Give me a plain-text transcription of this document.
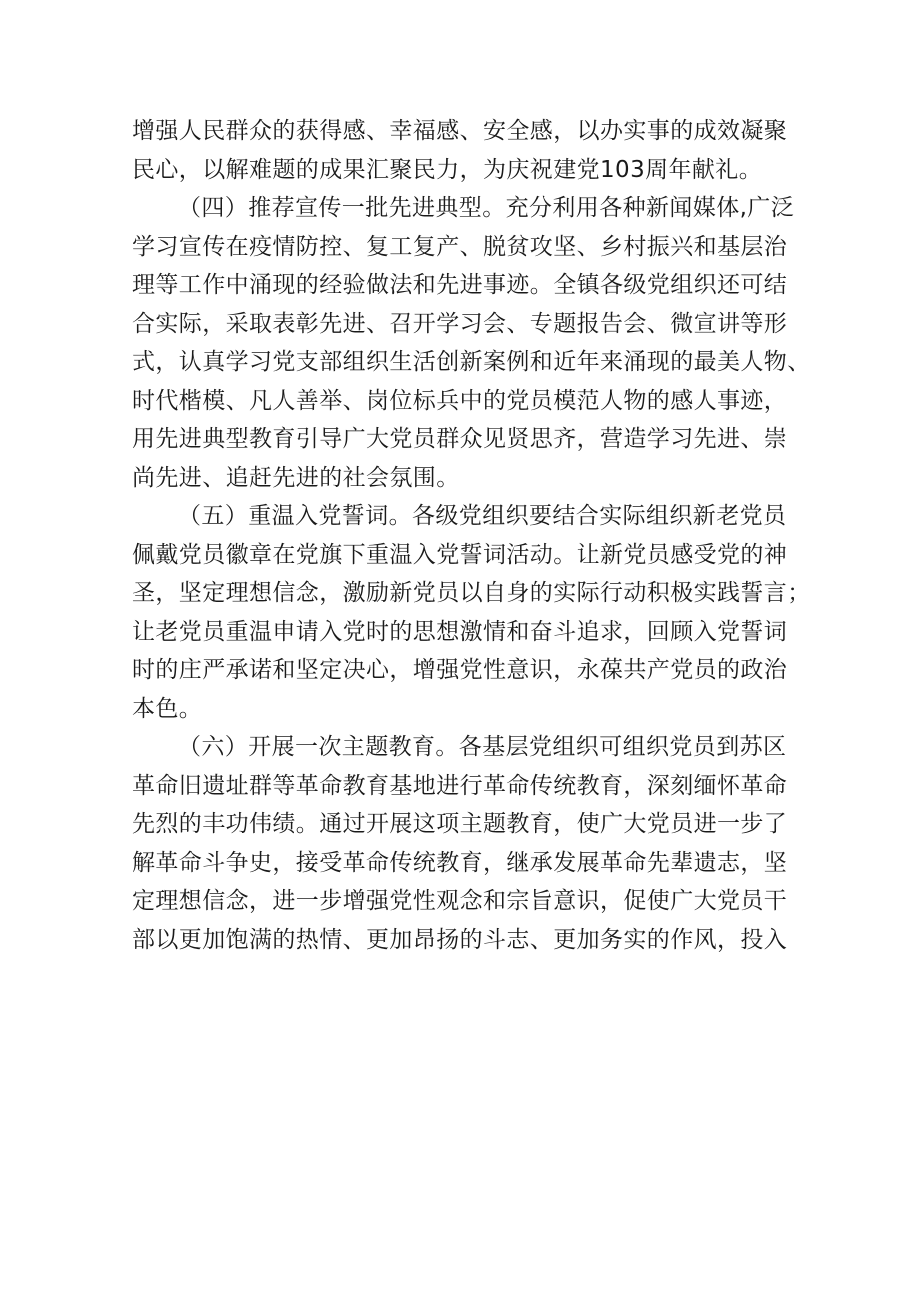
增强人民群众的获得感、幸福感、安全感，以办实事的成效凝聚
民心，以解难题的成果汇聚民力，为庆祝建党103周年献礼。

（四）推荐宣传一批先进典型。充分利用各种新闻媒体,广泛
学习宣传在疫情防控、复工复产、脱贫攻坚、乡村振兴和基层治
理等工作中涌现的经验做法和先进事迹。全镇各级党组织还可结
合实际，采取表彰先进、召开学习会、专题报告会、微宣讲等形
式，认真学习党支部组织生活创新案例和近年来涌现的最美人物、
时代楷模、凡人善举、岗位标兵中的党员模范人物的感人事迹，
用先进典型教育引导广大党员群众见贤思齐，营造学习先进、崇
尚先进、追赶先进的社会氛围。

（五）重温入党誓词。各级党组织要结合实际组织新老党员
佩戴党员徽章在党旗下重温入党誓词活动。让新党员感受党的神
圣，坚定理想信念，激励新党员以自身的实际行动积极实践誓言；
让老党员重温申请入党时的思想激情和奋斗追求，回顾入党誓词
时的庄严承诺和坚定决心，增强党性意识，永葆共产党员的政治
本色。

（六）开展一次主题教育。各基层党组织可组织党员到苏区
革命旧遗址群等革命教育基地进行革命传统教育，深刻缅怀革命
先烈的丰功伟绩。通过开展这项主题教育，使广大党员进一步了
解革命斗争史，接受革命传统教育，继承发展革命先辈遗志，坚
定理想信念，进一步增强党性观念和宗旨意识，促使广大党员干
部以更加饱满的热情、更加昂扬的斗志、更加务实的作风，投入
